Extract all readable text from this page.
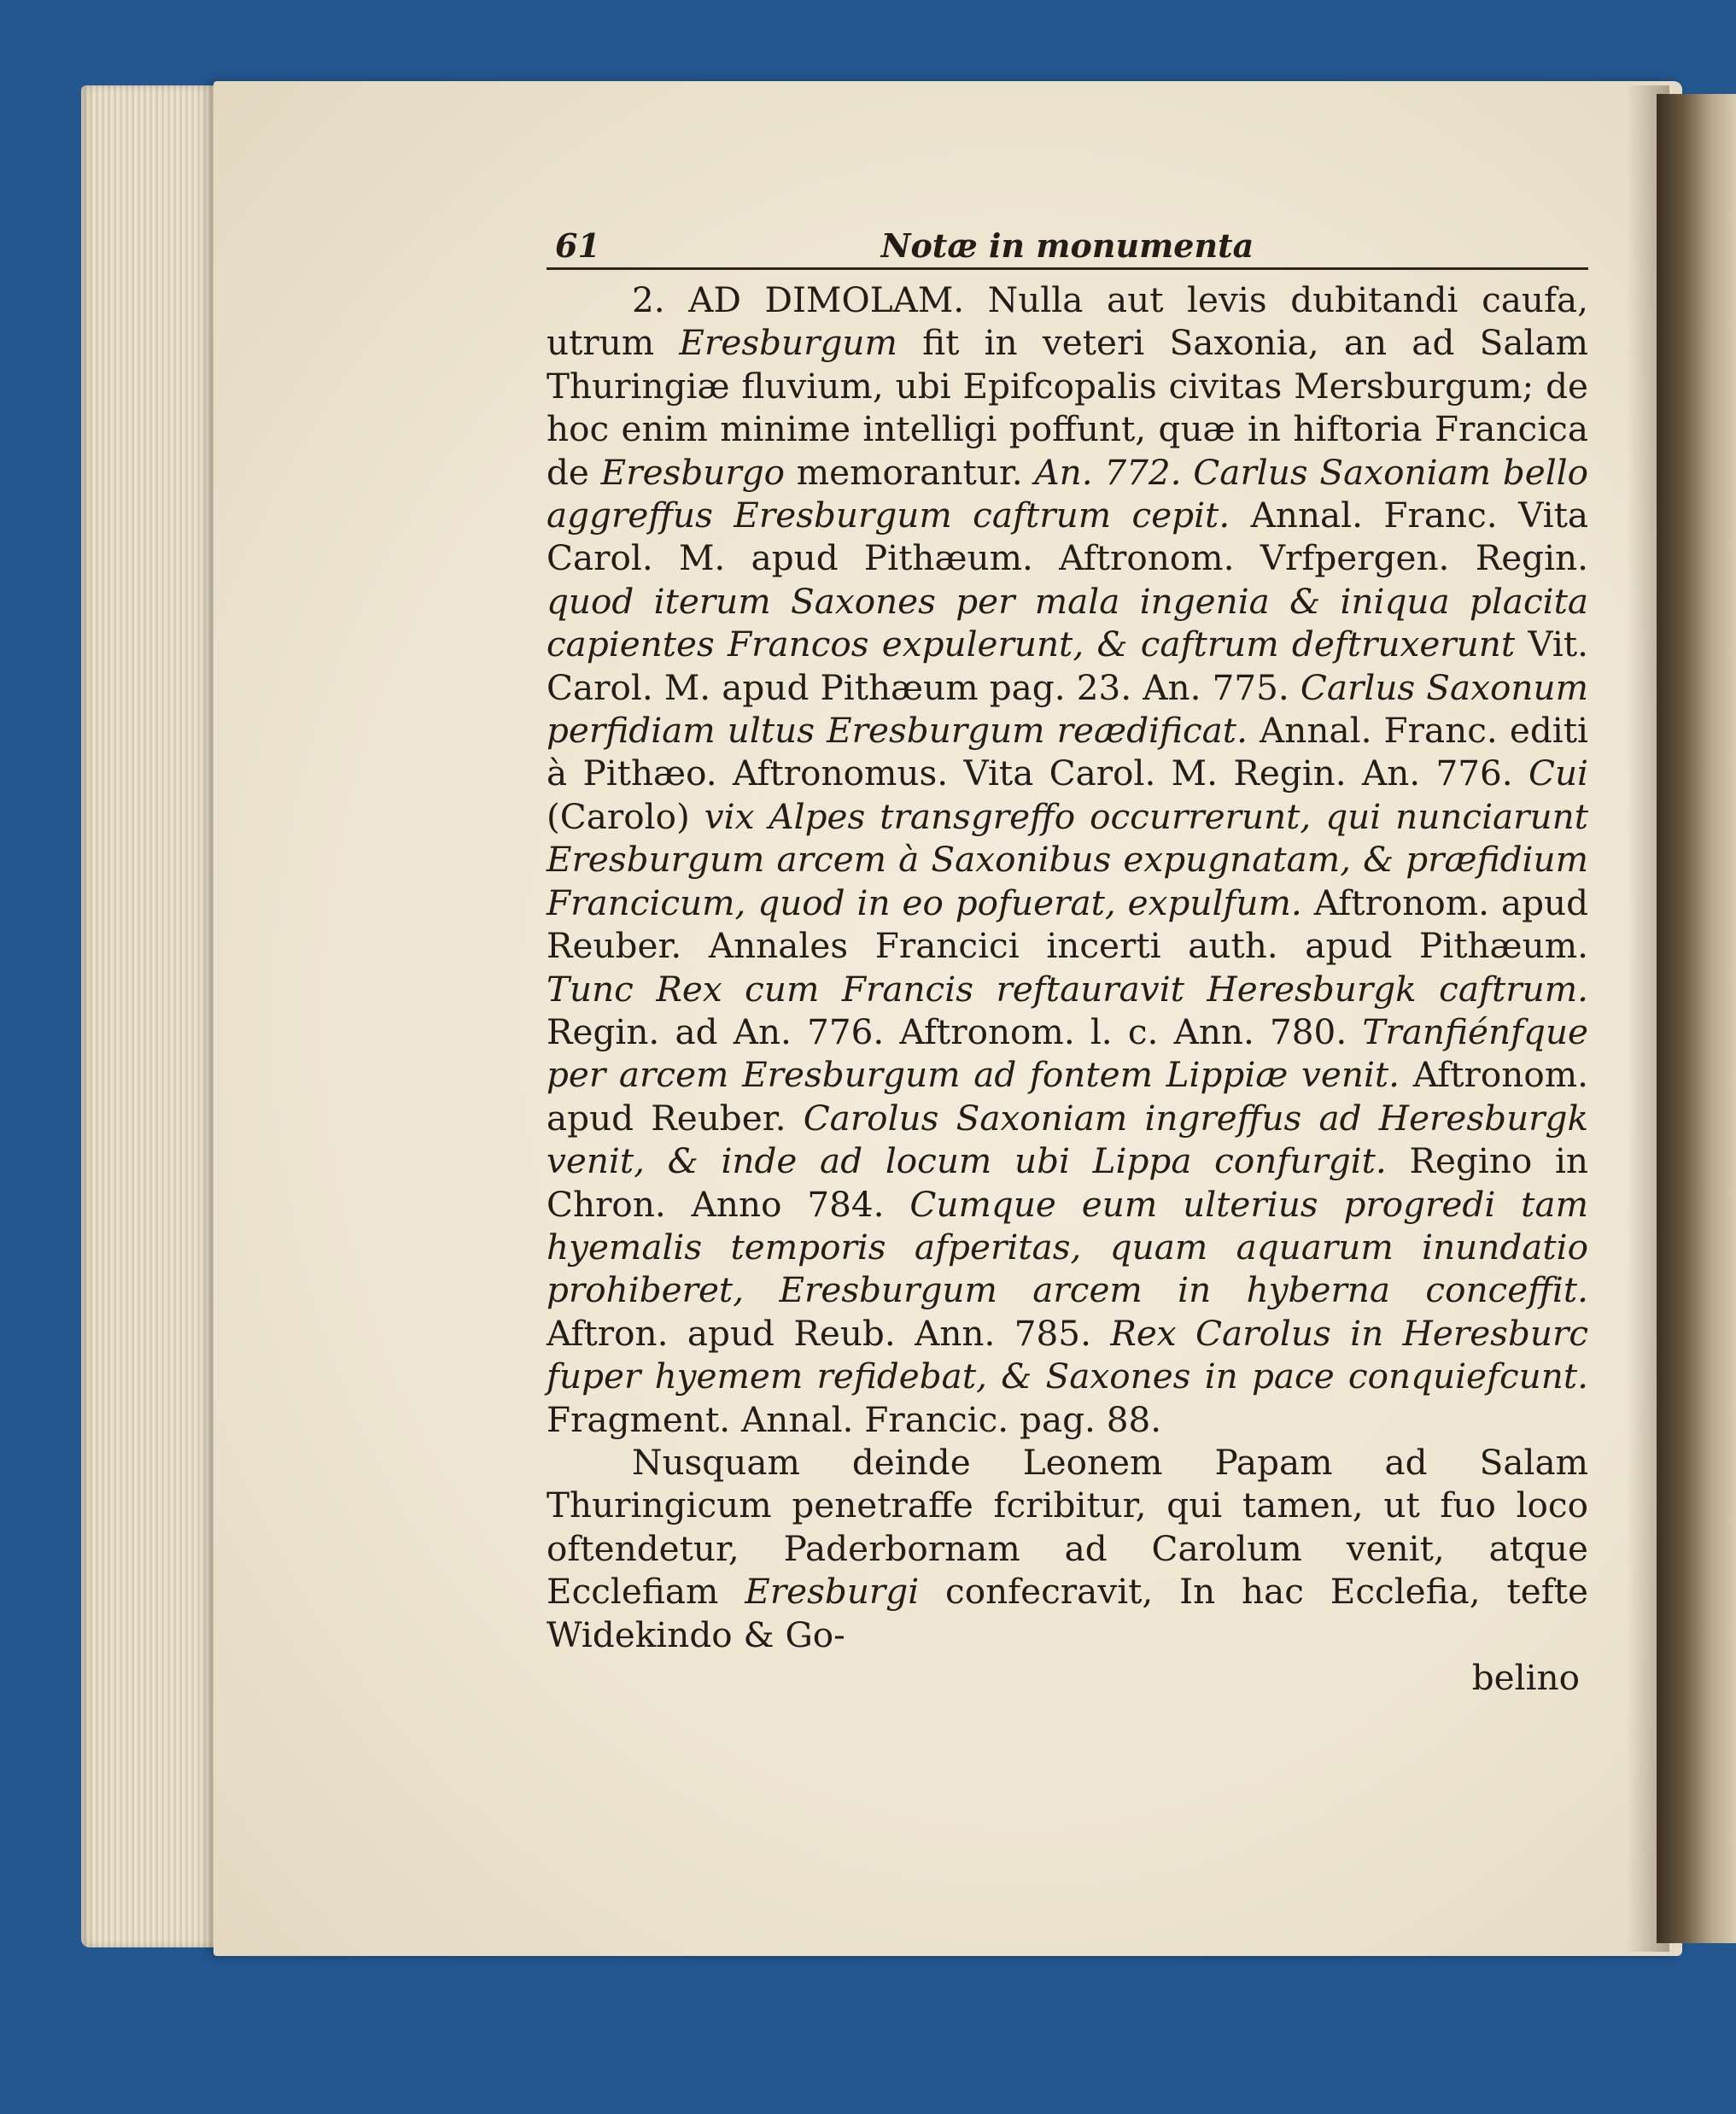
61	Notæ in monumenta

2. AD DIMOLAM. Nulla aut levis dubitandi caufa, utrum Eresburgum fit in veteri Saxonia, an ad Salam Thuringiæ fluvium, ubi Epifcopalis civitas Mersburgum; de hoc enim minime intelligi poffunt, quæ in hiftoria Francica de Eresburgo memorantur. An. 772. Carlus Saxoniam bello aggreffus Eresburgum caftrum cepit. Annal. Franc. Vita Carol. M. apud Pithæum. Aftronom. Vrfpergen. Regin. quod iterum Saxones per mala ingenia & iniqua placita capientes Francos expulerunt, & caftrum deftruxerunt Vit. Carol. M. apud Pithæum pag. 23. An. 775. Carlus Saxonum perfidiam ultus Eresburgum reædificat. Annal. Franc. editi à Pithæo. Aftronomus. Vita Carol. M. Regin. An. 776. Cui (Carolo) vix Alpes transgreffo occurrerunt, qui nunciarunt Eresburgum arcem à Saxonibus expugnatam, & præfidium Francicum, quod in eo pofuerat, expulfum. Aftronom. apud Reuber. Annales Francici incerti auth. apud Pithæum. Tunc Rex cum Francis reftauravit Heresburgk caftrum. Regin. ad An. 776. Aftronom. l. c. Ann. 780. Tranfiénfque per arcem Eresburgum ad fontem Lippiæ venit. Aftronom. apud Reuber. Carolus Saxoniam ingreffus ad Heresburgk venit, & inde ad locum ubi Lippa confurgit. Regino in Chron. Anno 784. Cumque eum ulterius progredi tam hyemalis temporis afperitas, quam aquarum inundatio prohiberet, Eresburgum arcem in hyberna conceffit. Aftron. apud Reub. Ann. 785. Rex Carolus in Heresburc fuper hyemem refidebat, & Saxones in pace conquiefcunt. Fragment. Annal. Francic. pag. 88.

Nusquam deinde Leonem Papam ad Salam Thuringicum penetraffe fcribitur, qui tamen, ut fuo loco oftendetur, Paderbornam ad Carolum venit, atque Ecclefiam Eresburgi confecravit, In hac Ecclefia, tefte Widekindo & Go-

belino
